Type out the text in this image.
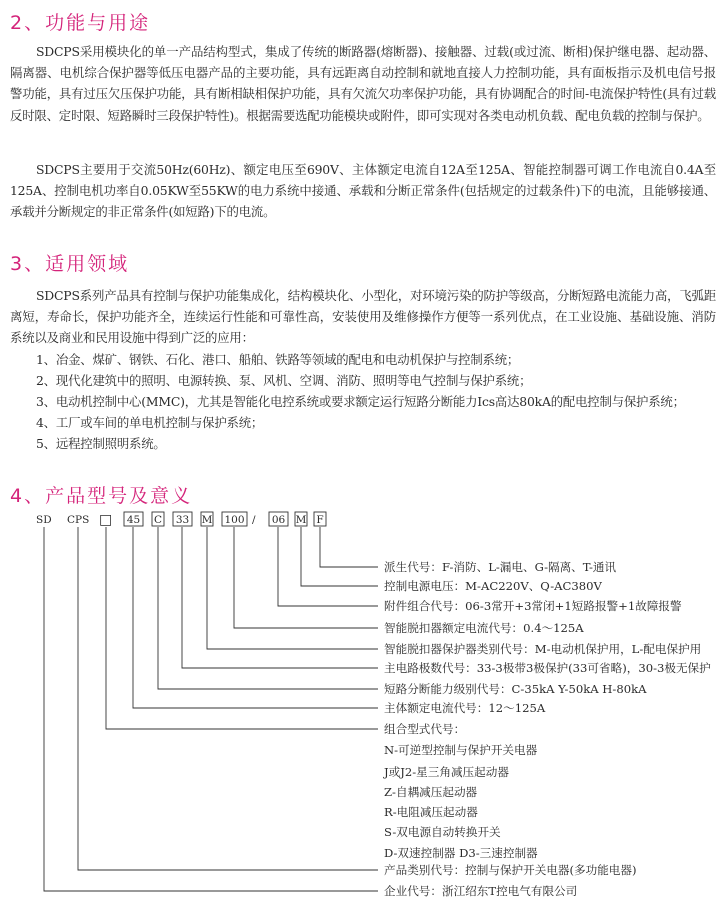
2、功能与用途

SDCPS采用模块化的单一产品结构型式，集成了传统的断路器(熔断器)、接触器、过载(或过流、断相)保护继电器、起动器、隔离器、电机综合保护器等低压电器产品的主要功能，具有远距离自动控制和就地直接人力控制功能，具有面板指示及机电信号报警功能，具有过压欠压保护功能，具有断相缺相保护功能，具有欠流欠功率保护功能，具有协调配合的时间-电流保护特性(具有过载反时限、定时限、短路瞬时三段保护特性)。根据需要选配功能模块或附件，即可实现对各类电动机负载、配电负载的控制与保护。

SDCPS主要用于交流50Hz(60Hz)、额定电压至690V、主体额定电流自12A至125A、智能控制器可调工作电流自0.4A至125A、控制电机功率自0.05KW至55KW的电力系统中接通、承载和分断正常条件(包括规定的过载条件)下的电流，且能够接通、承载并分断规定的非正常条件(如短路)下的电流。

3、适用领域

SDCPS系列产品具有控制与保护功能集成化，结构模块化、小型化，对环境污染的防护等级高，分断短路电流能力高，飞弧距离短，寿命长，保护功能齐全，连续运行性能和可靠性高，安装使用及维修操作方便等一系列优点，在工业设施、基础设施、消防系统以及商业和民用设施中得到广泛的应用：

1、冶金、煤矿、钢铁、石化、港口、船舶、铁路等领域的配电和电动机保护与控制系统；
2、现代化建筑中的照明、电源转换、泵、风机、空调、消防、照明等电气控制与保护系统；
3、电动机控制中心(MMC)，尤其是智能化电控系统或要求额定运行短路分断能力Ics高达80kA的配电控制与保护系统；
4、工厂或车间的单电机控制与保护系统；
5、远程控制照明系统。
4、产品型号及意义
SD CPS □ 45 C 33 M 100 / 06 M F
派生代号：F-消防、L-漏电、G-隔离、T-通讯
控制电源电压：M-AC220V、Q-AC380V
附件组合代号：06-3常开+3常闭+1短路报警+1故障报警
智能脱扣器额定电流代号：0.4～125A
智能脱扣器保护器类别代号：M-电动机保护用，L-配电保护用
主电路极数代号：33-3极带3极保护(33可省略)，30-3极无保护
短路分断能力级别代号：C-35kA Y-50kA H-80kA
主体额定电流代号：12～125A
组合型式代号：
N-可逆型控制与保护开关电器
J或J2-星三角减压起动器
Z-自耦减压起动器
R-电阻减压起动器
S-双电源自动转换开关
D-双速控制器 D3-三速控制器
产品类别代号：控制与保护开关电器(多功能电器)
企业代号：浙江绍东T控电气有限公司
